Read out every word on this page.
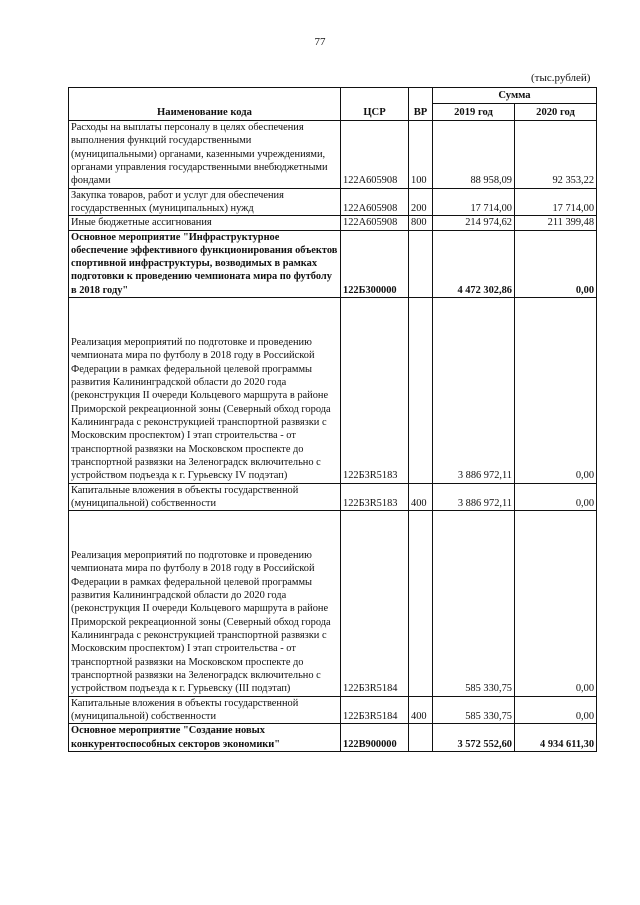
77
(тыс.рублей)
Наименование кода	ЦСР	ВР	Сумма	
			2019 год	2020 год
Расходы на выплаты персоналу в целях обеспечения выполнения функций государственными (муниципальными) органами, казенными учреждениями, органами управления государственными внебюджетными фондами	122А605908	100	88 958,09	92 353,22
Закупка товаров, работ и услуг для обеспечения государственных (муниципальных) нужд	122А605908	200	17 714,00	17 714,00
Иные бюджетные ассигнования	122А605908	800	214 974,62	211 399,48
Основное мероприятие "Инфраструктурное обеспечение эффективного функционирования объектов спортивной инфраструктуры, возводимых в рамках подготовки к проведению чемпионата мира по футболу в 2018 году"	122Б300000		4 472 302,86	0,00
Реализация мероприятий по подготовке и проведению чемпионата мира по футболу в 2018 году в Российской Федерации в рамках федеральной целевой программы развития Калининградской области до 2020 года (реконструкция II очереди Кольцевого маршрута в районе Приморской рекреационной зоны (Северный обход города Калининграда с реконструкцией транспортной развязки с Московским проспектом) I этап строительства - от транспортной развязки на Московском проспекте до транспортной развязки на Зеленоградск включительно с устройством подъезда к г. Гурьевску IV подэтап)	122Б3R5183		3 886 972,11	0,00
Капитальные вложения в объекты государственной (муниципальной) собственности	122Б3R5183	400	3 886 972,11	0,00
Реализация мероприятий по подготовке и проведению чемпионата мира по футболу в 2018 году в Российской Федерации в рамках федеральной целевой программы развития Калининградской области до 2020 года (реконструкция II очереди Кольцевого маршрута в районе Приморской рекреационной зоны (Северный обход города Калининграда с реконструкцией транспортной развязки с Московским проспектом) I этап строительства - от транспортной развязки на Московском проспекте до транспортной развязки на Зеленоградск включительно с устройством подъезда к г. Гурьевску (III подэтап)	122Б3R5184		585 330,75	0,00
Капитальные вложения в объекты государственной (муниципальной) собственности	122Б3R5184	400	585 330,75	0,00
Основное мероприятие "Создание новых конкурентоспособных секторов экономики"	122В900000		3 572 552,60	4 934 611,30
